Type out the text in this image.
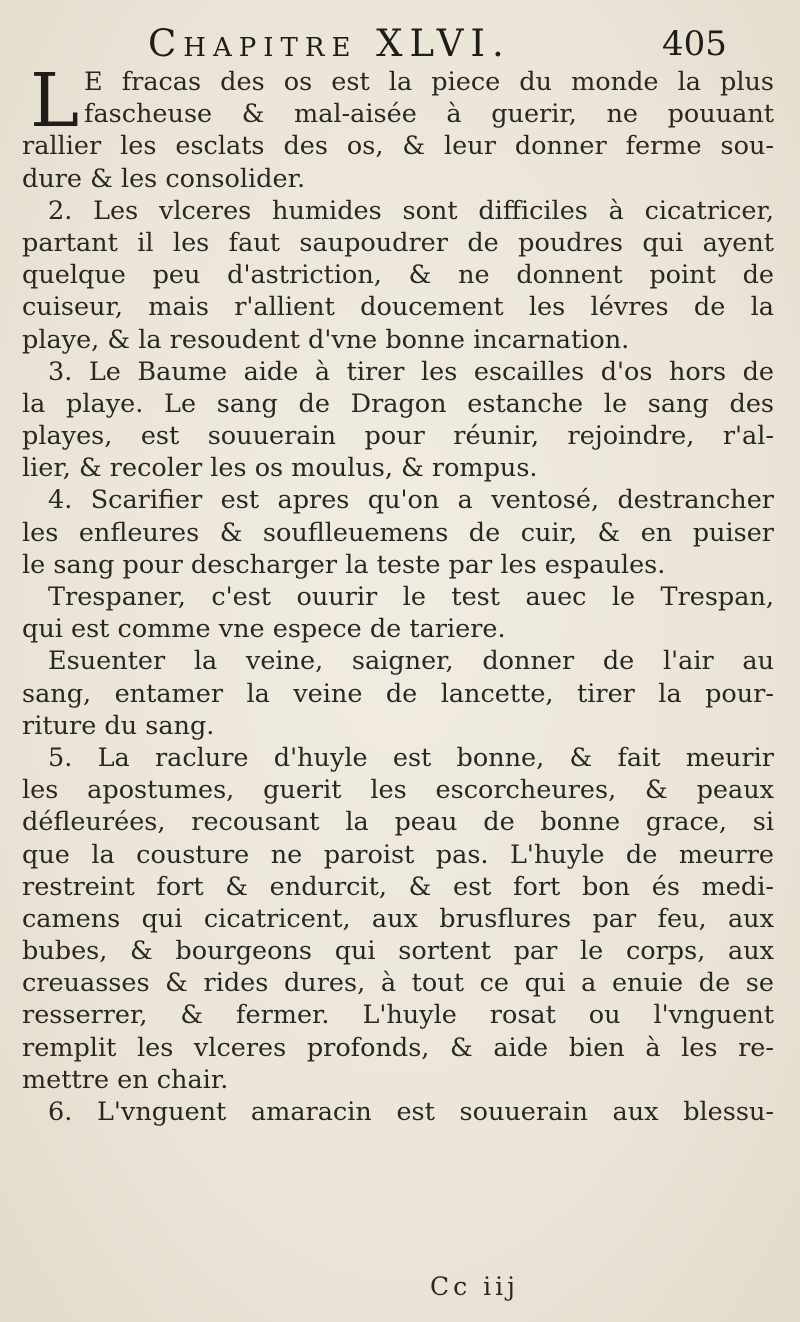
Chapitre XLVI.	405
L E fracas des os est la piece du monde la plus
fascheuse & mal-aisée à guerir, ne pouuant
rallier les esclats des os, & leur donner ferme sou-
dure & les consolider.
2. Les vlceres humides sont difficiles à cicatricer,
partant il les faut saupoudrer de poudres qui ayent
quelque peu d'astriction, & ne donnent point de
cuiseur, mais r'allient doucement les lévres de la
playe, & la resoudent d'vne bonne incarnation.
3. Le Baume aide à tirer les escailles d'os hors de
la playe. Le sang de Dragon estanche le sang des
playes, est souuerain pour réunir, rejoindre, r'al-
lier, & recoler les os moulus, & rompus.
4. Scarifier est apres qu'on a ventosé, destrancher
les enfleures & souflleuemens de cuir, & en puiser
le sang pour descharger la teste par les espaules.
Trespaner, c'est ouurir le test auec le Trespan,
qui est comme vne espece de tariere.
Esuenter la veine, saigner, donner de l'air au
sang, entamer la veine de lancette, tirer la pour-
riture du sang.
5. La raclure d'huyle est bonne, & fait meurir
les apostumes, guerit les escorcheures, & peaux
défleurées, recousant la peau de bonne grace, si
que la cousture ne paroist pas. L'huyle de meurre
restreint fort & endurcit, & est fort bon és medi-
camens qui cicatricent, aux brusflures par feu, aux
bubes, & bourgeons qui sortent par le corps, aux
creuasses & rides dures, à tout ce qui a enuie de se
resserrer, & fermer. L'huyle rosat ou l'vnguent
remplit les vlceres profonds, & aide bien à les re-
mettre en chair.
6. L'vnguent amaracin est souuerain aux blessu-
Cc iij
